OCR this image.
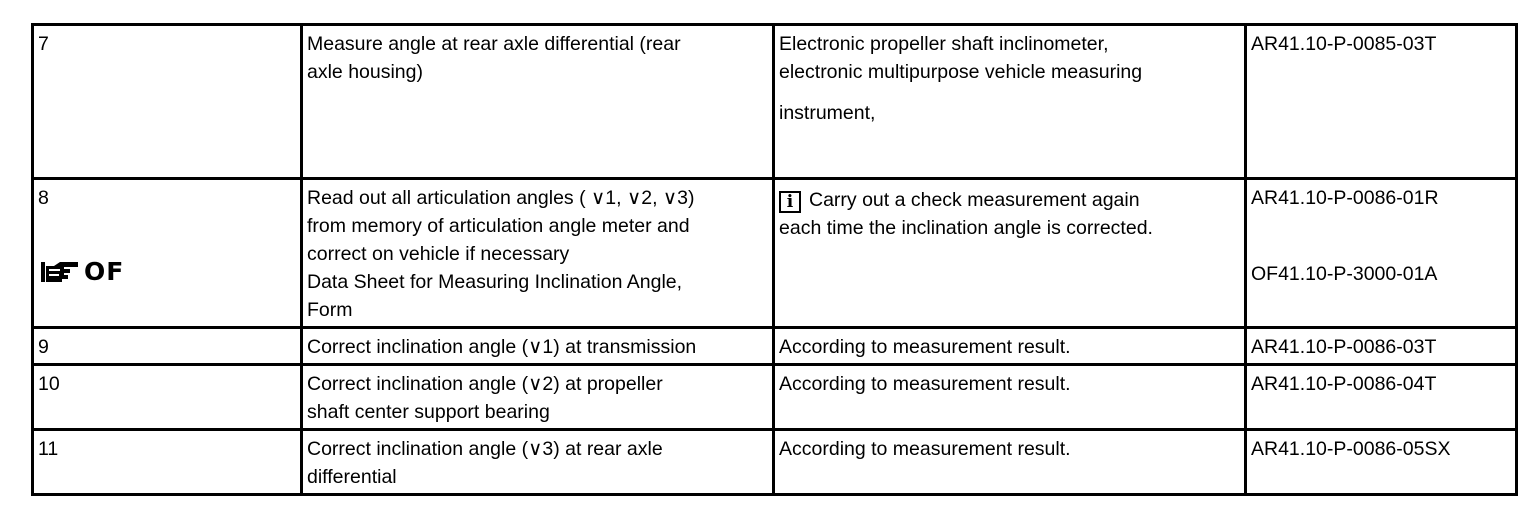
7	Measure angle at rear axle differential (rear
axle housing)	Electronic propeller shaft inclinometer,
electronic multipurpose vehicle measuring
instrument,	AR41.10-P-0085-03T

8
OF	Read out all articulation angles ( ∨1, ∨2, ∨3)
from memory of articulation angle meter and
correct on vehicle if necessary
Data Sheet for Measuring Inclination Angle,
Form	i Carry out a check measurement again
each time the inclination angle is corrected.	AR41.10-P-0086-01R
OF41.10-P-3000-01A

9	Correct inclination angle (∨1) at transmission	According to measurement result.	AR41.10-P-0086-03T

10	Correct inclination angle (∨2) at propeller
shaft center support bearing	According to measurement result.	AR41.10-P-0086-04T

11	Correct inclination angle (∨3) at rear axle
differential	According to measurement result.	AR41.10-P-0086-05SX
